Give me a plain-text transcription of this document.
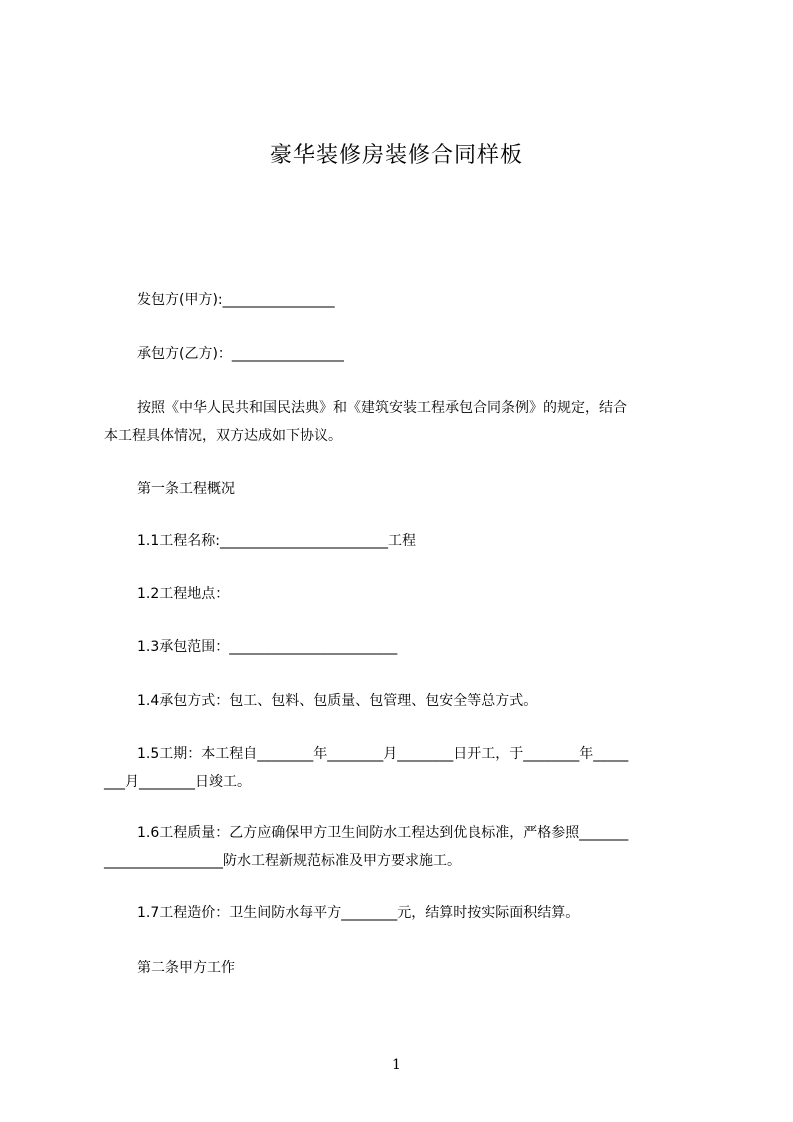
豪华装修房装修合同样板
发包方(甲方):________________
承包方(乙方)：________________
按照《中华人民共和国民法典》和《建筑安装工程承包合同条例》的规定，结合
本工程具体情况，双方达成如下协议。
第一条工程概况
1.1工程名称:________________________工程
1.2工程地点：
1.3承包范围：________________________
1.4承包方式：包工、包料、包质量、包管理、包安全等总方式。
1.5工期：本工程自________年________月________日开工，于________年_____
___月________日竣工。
1.6工程质量：乙方应确保甲方卫生间防水工程达到优良标准，严格参照_______
_________________防水工程新规范标准及甲方要求施工。
1.7工程造价：卫生间防水每平方________元，结算时按实际面积结算。
第二条甲方工作
1
